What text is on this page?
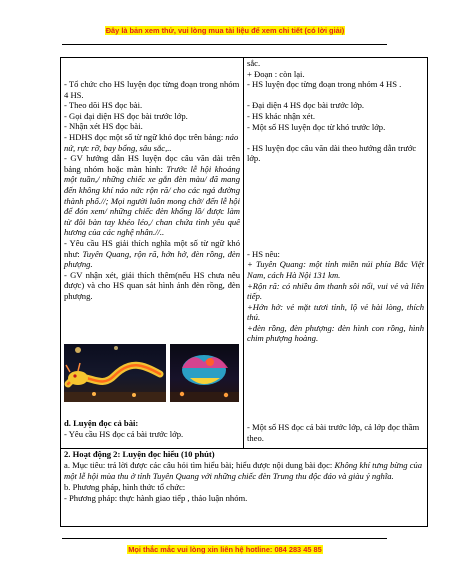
Đây là bản xem thử, vui lòng mua tài liệu để xem chi tiết (có lời giải)

- Tổ chức cho HS luyện đọc từng đoạn trong nhóm 4 HS.

- Theo dõi HS đọc bài.

- Gọi đại diện HS đọc bài trước lớp.

- Nhận xét HS đọc bài.

- HDHS đọc một số từ ngữ khó đọc trên bảng: náo nứ, rực rỡ, bay bổng, sâu sắc,..

- GV hướng dẫn HS luyện đọc câu văn dài trên bảng nhóm hoặc màn hình: Trước lễ hội khoảng một tuần,/ những chiếc xe gắn đèn màu/ đã mang đến không khí náo nức rộn rã/ cho các ngả đường thành phố.//; Mọi người luôn mong chờ/ đến lễ hội để đón xem/ những chiếc đèn khổng lồ/ được làm từ đôi bàn tay khéo léo,/ chan chứa tình yêu quê hương của các nghệ nhân.//..

- Yêu cầu HS giải thích nghĩa một số từ ngữ khó như: Tuyên Quang, rộn rã, hớn hở, đèn rồng, đèn phượng.

- GV nhận xét, giải thích thêm(nếu HS chưa nêu được) và cho HS quan sát hình ảnh đèn rồng, đèn phượng.

d. Luyện đọc cả bài:

- Yêu cầu HS đọc cả bài trước lớp.

sắc.

+ Đoạn : còn lại.

- HS luyện đọc từng đoạn trong nhóm 4 HS .

- Đại diện 4 HS đọc bài trước lớp.

- HS khác nhận xét.

- Một số HS luyện đọc từ khó trước lớp.

- HS luyện đọc câu văn dài theo hướng dẫn trước lớp.

- HS nêu:

+ Tuyên Quang: một tỉnh miền núi phía Bắc Việt Nam, cách Hà Nội 131 km.

+Rộn rã: có nhiều âm thanh sôi nổi, vui vẻ và liên tiếp.

+Hớn hở: vẻ mặt tươi tỉnh, lộ vẻ hài lòng, thích thú.

+đèn rồng, đèn phượng: đèn hình con rồng, hình chim phượng hoàng.

- Một số HS đọc cả bài trước lớp, cả lớp đọc thầm theo.

2. Hoạt động 2: Luyện đọc hiểu (10 phút)

a. Mục tiêu: trả lời được các câu hỏi tìm hiểu bài; hiểu được nội dung bài đọc: Không khí tưng bừng của một lễ hội mùa thu ở tỉnh Tuyên Quang với những chiếc đèn Trung thu độc đáo và giàu ý nghĩa.

b. Phương pháp, hình thức tổ chức:

- Phương pháp: thực hành giao tiếp , thảo luận nhóm.

Mọi thắc mắc vui lòng xin liên hệ hotline: 084 283 45 85
